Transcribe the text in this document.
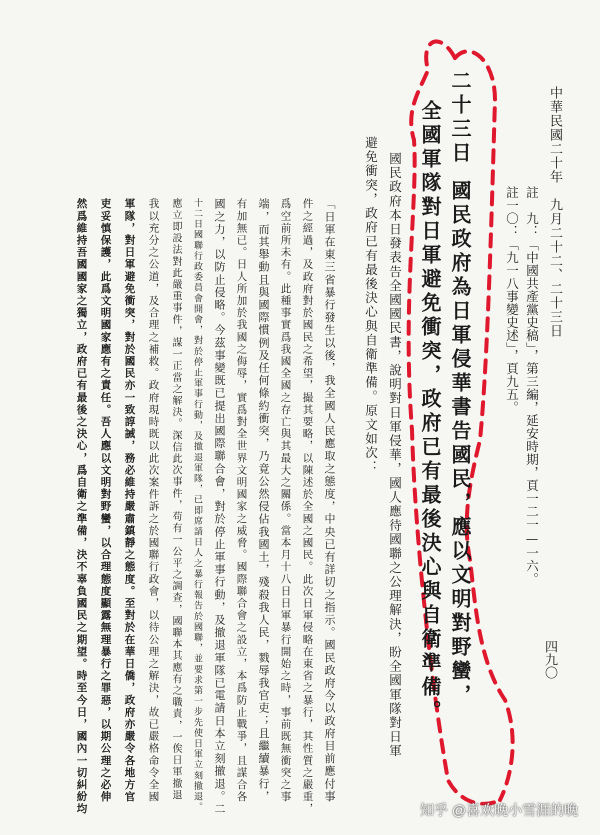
中華民國二十年　九月二十二、二十三日
註　九：「中國共產黨史稿」，第三編，延安時期，頁一二一—一六。
註一〇：「九一八事變史述」，頁九五。
二十三日
國民政府為日軍侵華書告國民，應以文明對野蠻，
全國軍隊對日軍避免衝突，政府已有最後決心與自衛準備。
國民政府本日發表告全國國民書，說明對日軍侵華，國人應待國聯之公理解決，盼全國軍隊對日軍
避免衝突，政府已有最後決心與自衛準備。原文如次：
「日軍在東三省暴行發生以後，我全國人民應取之態度，中央已有詳切之指示。國民政府今以政府目前應付事
件之經過，及政府對於國民之希望，撮其要略，以陳述於全國之國民。此次日軍侵略在東省之暴行，其性質之嚴重，
爲空前所未有。此種事實爲我國全國之存亡與其最大之關係。當本月十八日日軍暴行開始之時，事前既無衝突之事
端，而其舉動且與國際慣例及任何條約衝突，乃竟公然侵佔我國土，殘殺我人民，戮辱我官吏；且繼續暴行，
有加無已。日人所加於我國之侮辱，實爲對全世界文明國家之威脅。國際聯合會之設立，本爲防止戰爭，且謀合各
國之力，以防止侵略。今茲事變既已提出國際聯合會，對於停止軍事行動，及撤退軍隊已電請日本立刻撤退。二
十二日國聯行政委員會開會，對於停止軍事行動，及撤退軍隊，已即席請日人之暴行報告於國聯，並要求第一步先使日軍立刻撤退。
應立即設法對此嚴重事件，謀一正當之解決。深信此次事件，苟有一公平之調查，國聯本其應有之職責，一俟日軍撤退
我以充分之公道，及合理之補救。政府現時既以此次案件訴之於國聯行政會，以待公理之解決，故已嚴格命令全國
軍隊，對日軍避免衝突，對於國民亦一致諄誡，務必維持嚴肅鎮靜之態度。至對於在華日僑，政府亦嚴令各地方官
吏妥慎保護，此爲文明國家應有之責任。吾人應以文明對野蠻，以合理態度顯露無理暴行之罪惡，以期公理之必伸
然爲維持吾國國家之獨立，政府已有最後之決心，爲自衛之準備，決不辜負國民之期望。時至今日，國內一切糾紛均	四九〇
知乎 @喜欢晚小雪涯的晚
